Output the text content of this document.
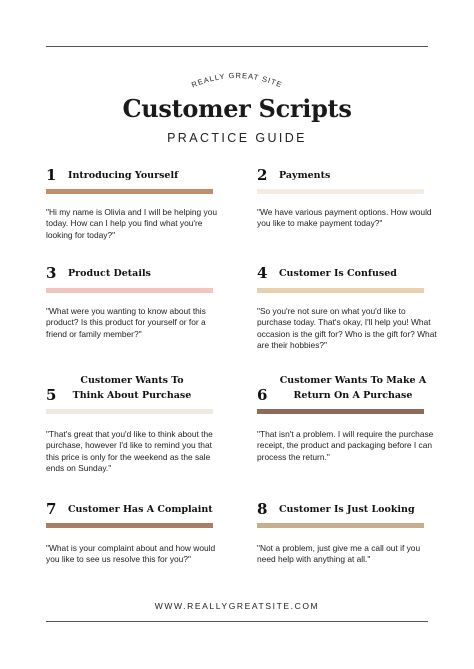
REALLY GREAT SITE
Customer Scripts
PRACTICE GUIDE
1 Introducing Yourself
"Hi my name is Olivia and I will be helping you today. How can I help you find what you're looking for today?"
2 Payments
"We have various payment options. How would you like to make payment today?"
3 Product Details
"What were you wanting to know about this product? Is this product for yourself or for a friend or family member?"
4 Customer Is Confused
"So you're not sure on what you'd like to purchase today. That's okay, I'll help you! What occasion is the gift for? Who is the gift for? What are their hobbies?"
5
Customer Wants To Think About Purchase
"That's great that you'd like to think about the purchase, however I'd like to remind you that this price is only for the weekend as the sale ends on Sunday."
6
Customer Wants To Make A Return On A Purchase
"That isn't a problem. I will require the purchase receipt, the product and packaging before I can process the return."
7 Customer Has A Complaint
"What is your complaint about and how would you like to see us resolve this for you?"
8 Customer Is Just Looking
"Not a problem, just give me a call out if you need help with anything at all."
WWW.REALLYGREATSITE.COM
